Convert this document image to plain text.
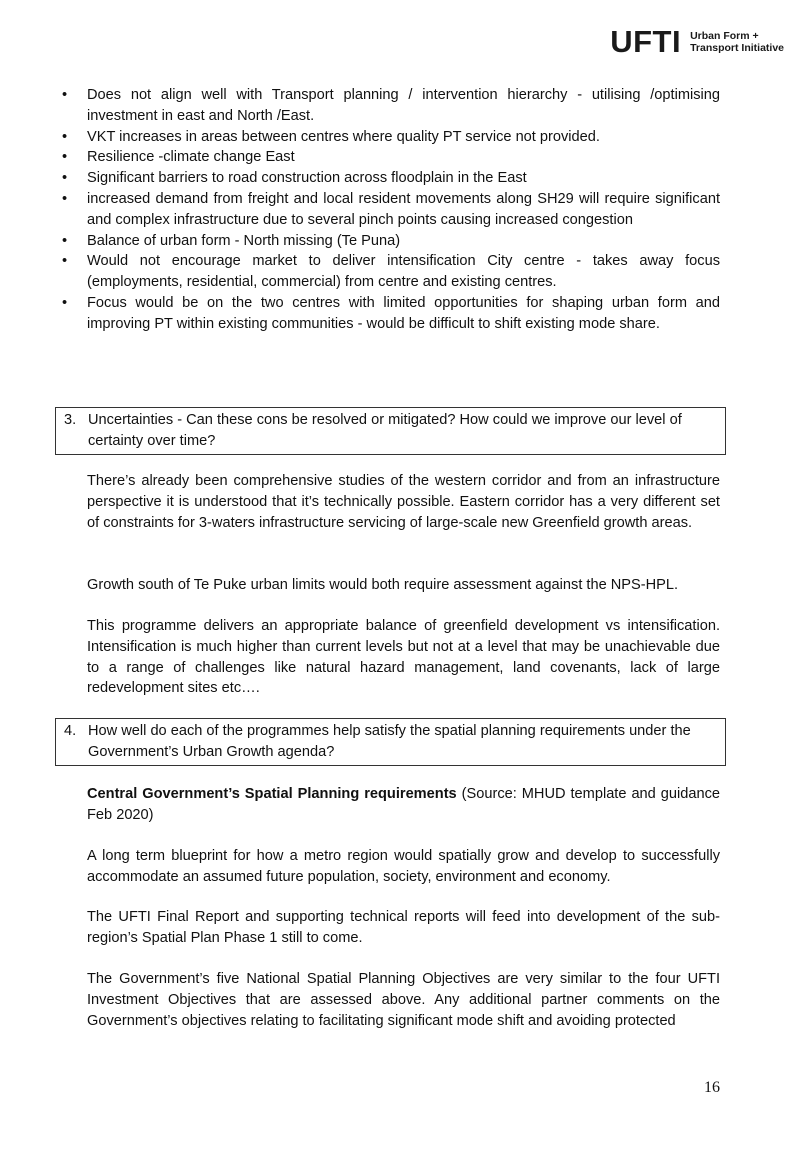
UFTI Urban Form +
Transport Initiative
• Does not align well with Transport planning / intervention hierarchy - utilising /optimising investment in east and North /East.
• VKT increases in areas between centres where quality PT service not provided.
• Resilience -climate change East
• Significant barriers to road construction across floodplain in the East
• increased demand from freight and local resident movements along SH29 will require significant and complex infrastructure due to several pinch points causing increased congestion
• Balance of urban form - North missing (Te Puna)
• Would not encourage market to deliver intensification City centre - takes away focus (employments, residential, commercial) from centre and existing centres.
• Focus would be on the two centres with limited opportunities for shaping urban form and improving PT within existing communities - would be difficult to shift existing mode share.
3. Uncertainties - Can these cons be resolved or mitigated? How could we improve our level of certainty over time?

There’s already been comprehensive studies of the western corridor and from an infrastructure perspective it is understood that it’s technically possible. Eastern corridor has a very different set of constraints for 3-waters infrastructure servicing of large-scale new Greenfield growth areas.

Growth south of Te Puke urban limits would both require assessment against the NPS-HPL.

This programme delivers an appropriate balance of greenfield development vs intensification. Intensification is much higher than current levels but not at a level that may be unachievable due to a range of challenges like natural hazard management, land covenants, lack of large redevelopment sites etc….

4. How well do each of the programmes help satisfy the spatial planning requirements under the Government’s Urban Growth agenda?

Central Government’s Spatial Planning requirements (Source: MHUD template and guidance Feb 2020)

A long term blueprint for how a metro region would spatially grow and develop to successfully accommodate an assumed future population, society, environment and economy.

The UFTI Final Report and supporting technical reports will feed into development of the sub-region’s Spatial Plan Phase 1 still to come.

The Government’s five National Spatial Planning Objectives are very similar to the four UFTI Investment Objectives that are assessed above. Any additional partner comments on the Government’s objectives relating to facilitating significant mode shift and avoiding protected

16
